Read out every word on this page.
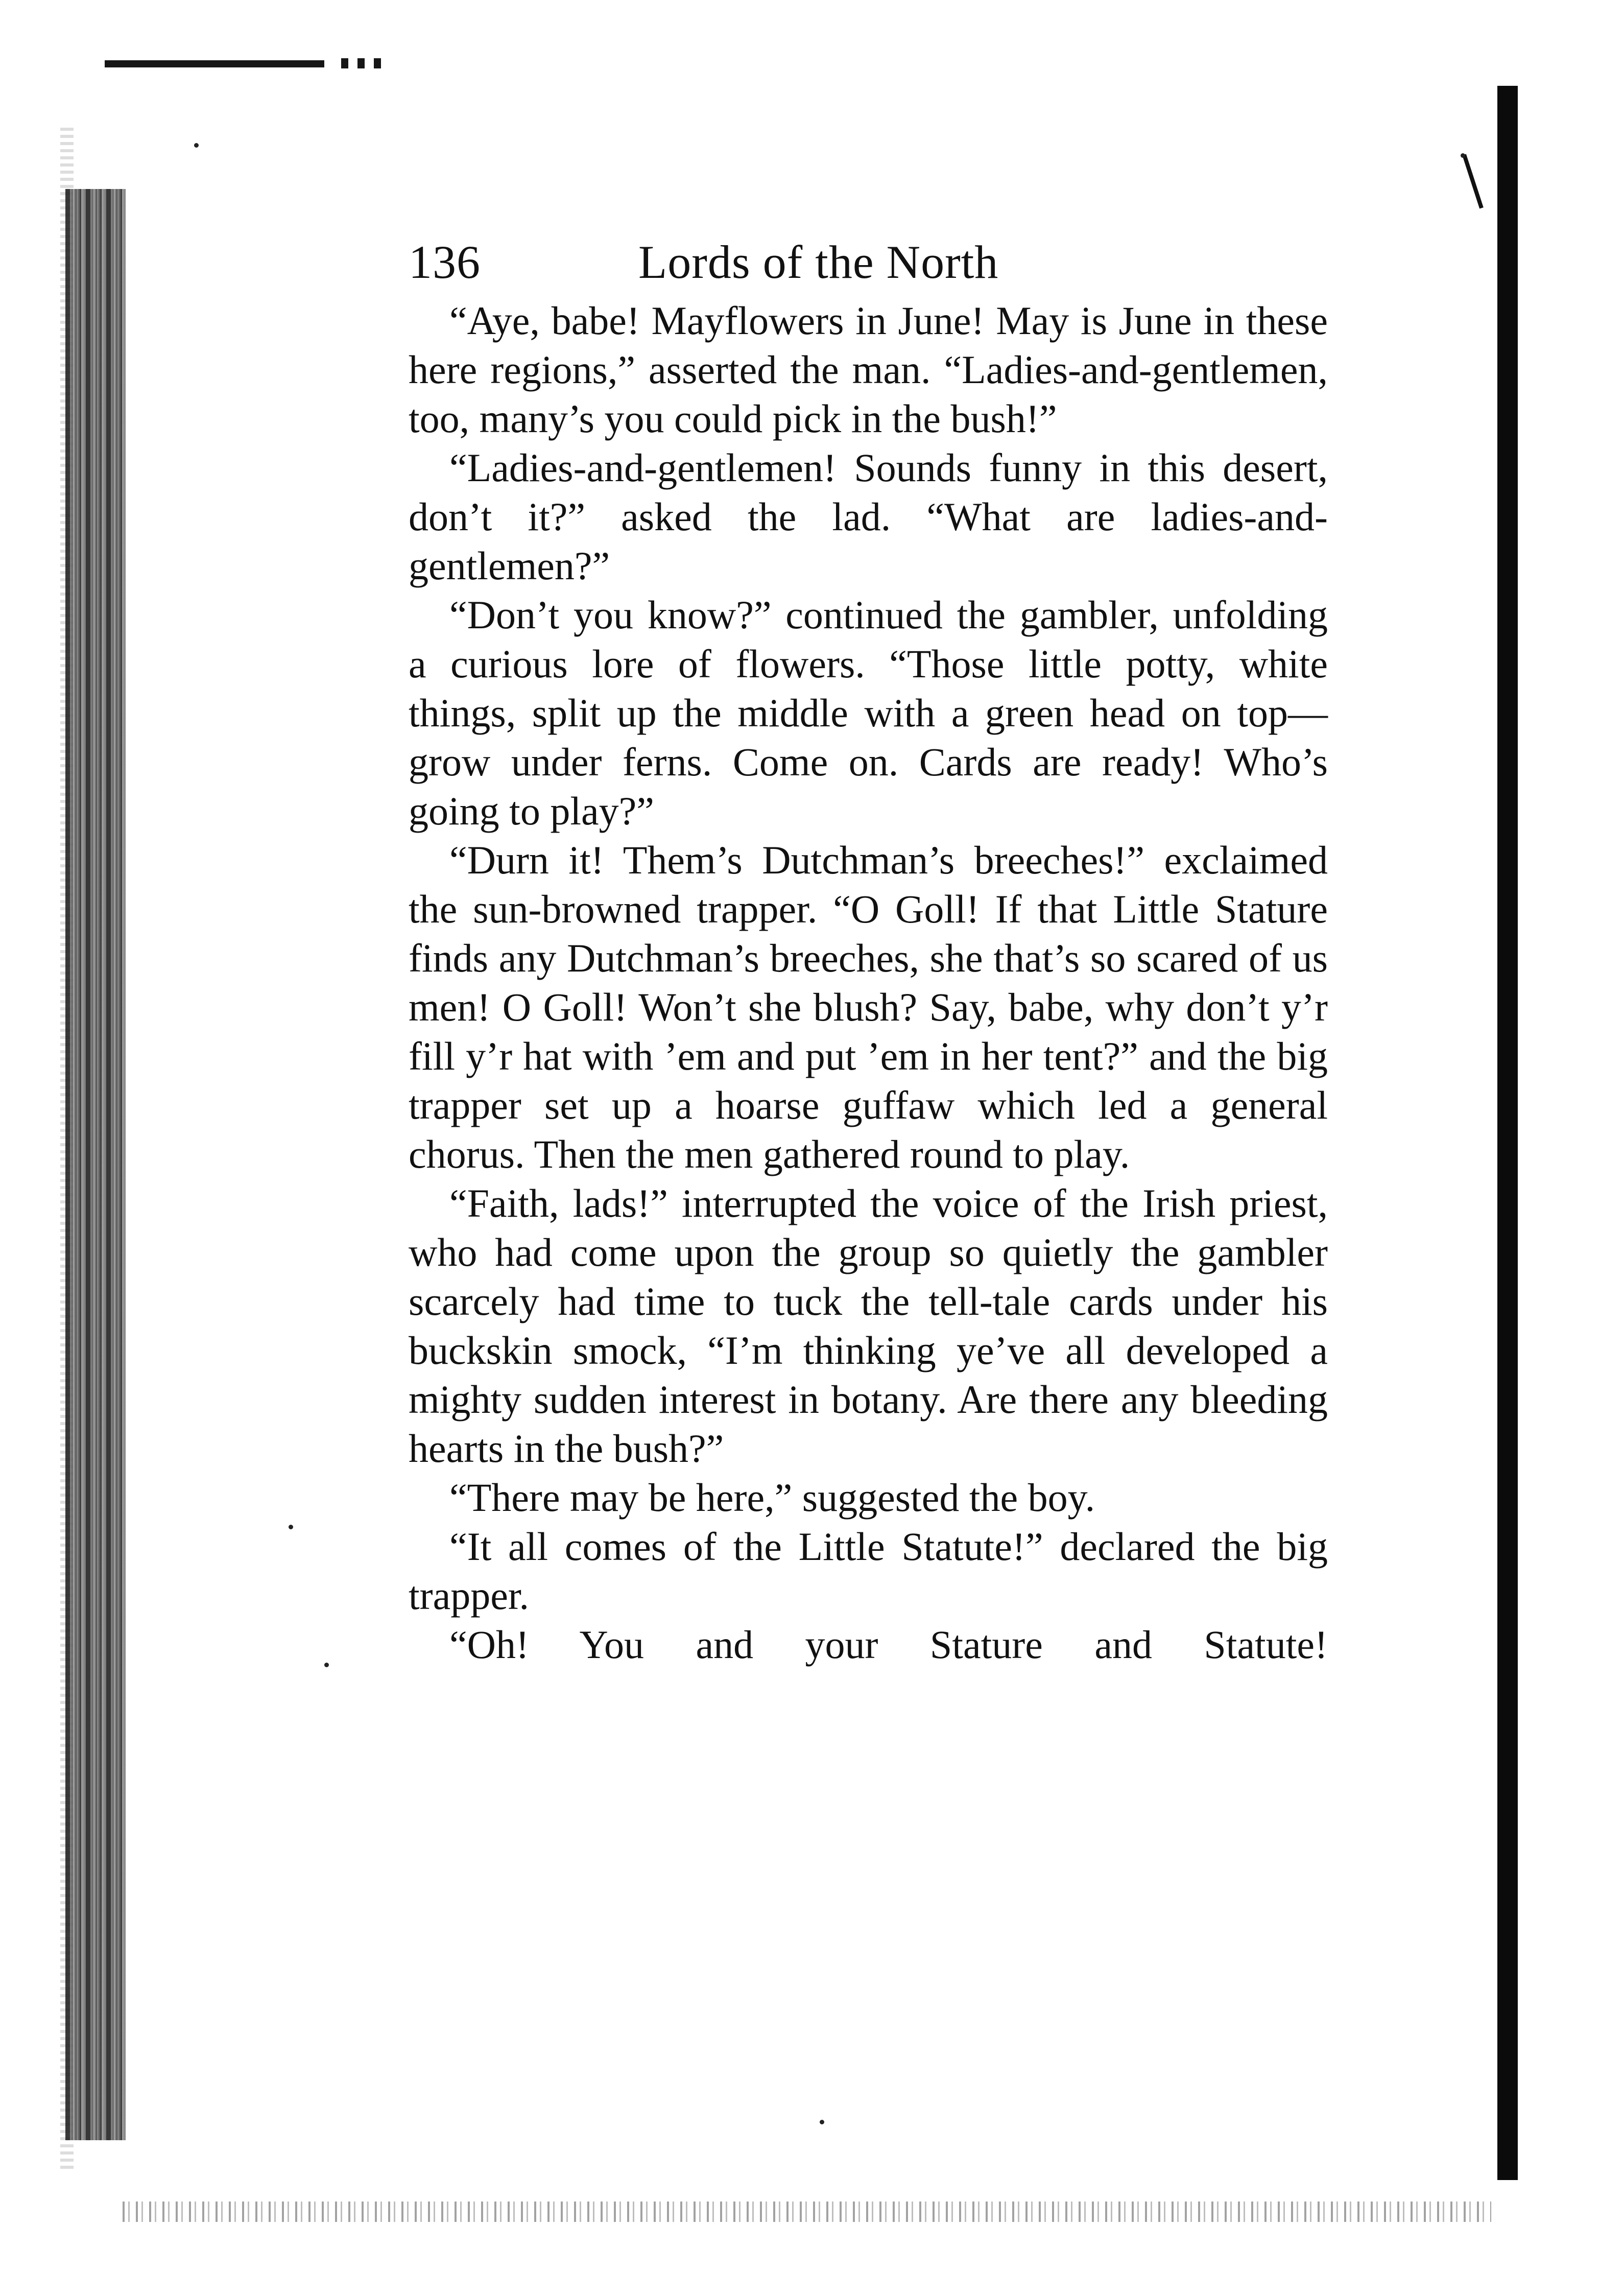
136	Lords of the North

“Aye, babe! Mayflowers in June! May is June in these here regions,” asserted the man. “Ladies-and-gentlemen, too, many’s you could pick in the bush!”

“Ladies-and-gentlemen! Sounds funny in this desert, don’t it?” asked the lad. “What are ladies-and-gentlemen?”

“Don’t you know?” continued the gambler, unfolding a curious lore of flowers. “Those little potty, white things, split up the middle with a green head on top—grow under ferns. Come on. Cards are ready! Who’s going to play?”

“Durn it! Them’s Dutchman’s breeches!” exclaimed the sun-browned trapper. “O Goll! If that Little Stature finds any Dutchman’s breeches, she that’s so scared of us men! O Goll! Won’t she blush? Say, babe, why don’t y’r fill y’r hat with ’em and put ’em in her tent?” and the big trapper set up a hoarse guffaw which led a general chorus. Then the men gathered round to play.

“Faith, lads!” interrupted the voice of the Irish priest, who had come upon the group so quietly the gambler scarcely had time to tuck the tell-tale cards under his buckskin smock, “I’m thinking ye’ve all developed a mighty sudden interest in botany. Are there any bleeding hearts in the bush?”

“There may be here,” suggested the boy.

“It all comes of the Little Statute!” declared the big trapper.

“Oh! You and your Stature and Statute!
